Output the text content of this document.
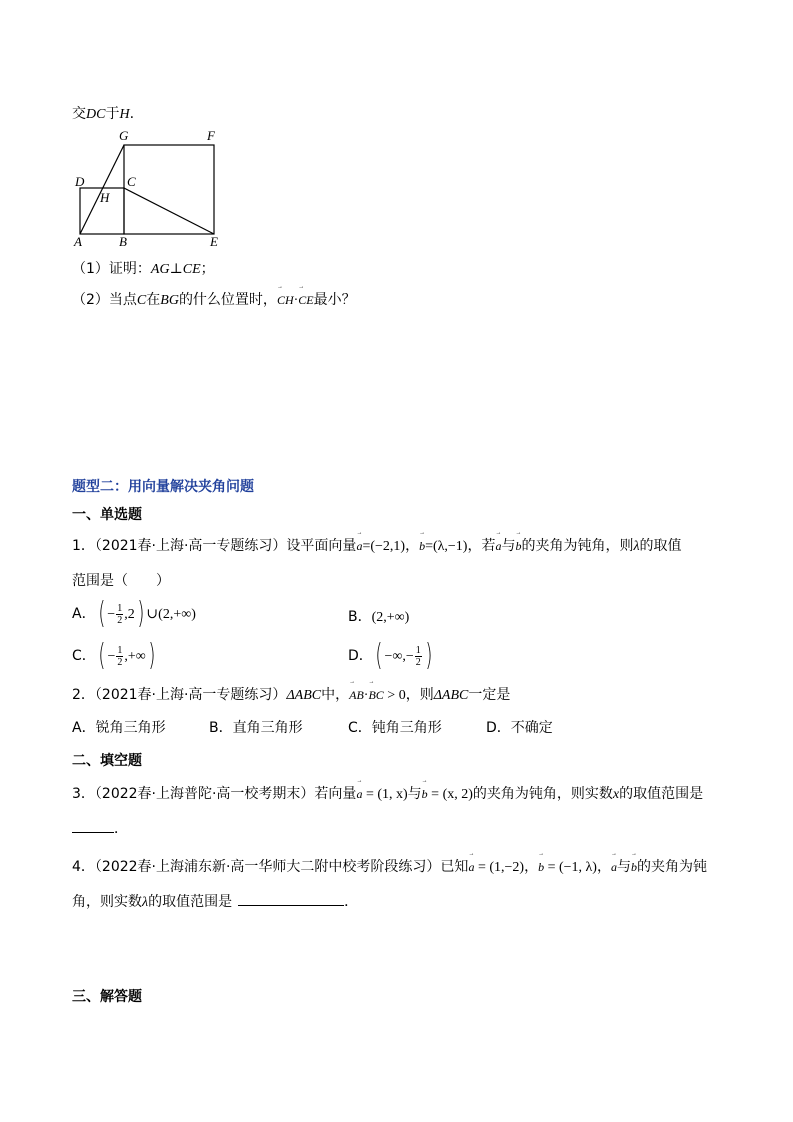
交DC于H.
G	F
D	C
H
A	B	E
（1）证明：AG⊥CE；
（2）当点C在BG的什么位置时，→ CH·→ CE最小？
题型二：用向量解决夹角问题
一、单选题
1．（2021春·上海·高一专题练习）设平面向量→ a=(−2,1)，→ b=(λ,−1)，若→ a与→ b的夹角为钝角，则λ的取值
范围是（　　）
A．( − $\frac{1}{2} ,2$) ∪(2,+∞)	B．(2,+∞)
C．( − $\frac{1}{2}$ ,+∞)	D．( −∞,− $\frac{1}{2}$ )
2．（2021春·上海·高一专题练习）ΔABC中，→ AB·→ BC > 0，则ΔABC一定是
A．锐角三角形	B．直角三角形	C．钝角三角形	D．不确定
二、填空题
3．（2022春·上海普陀·高一校考期末）若向量→ a = (1, x)与→ b = (x, 2)的夹角为钝角，则实数x的取值范围是
．
4．（2022春·上海浦东新·高一华师大二附中校考阶段练习）已知→ a = (1,−2)，→ b = (−1, λ)，→ a与→ b的夹角为钝
角，则实数λ的取值范围是	．
三、解答题
